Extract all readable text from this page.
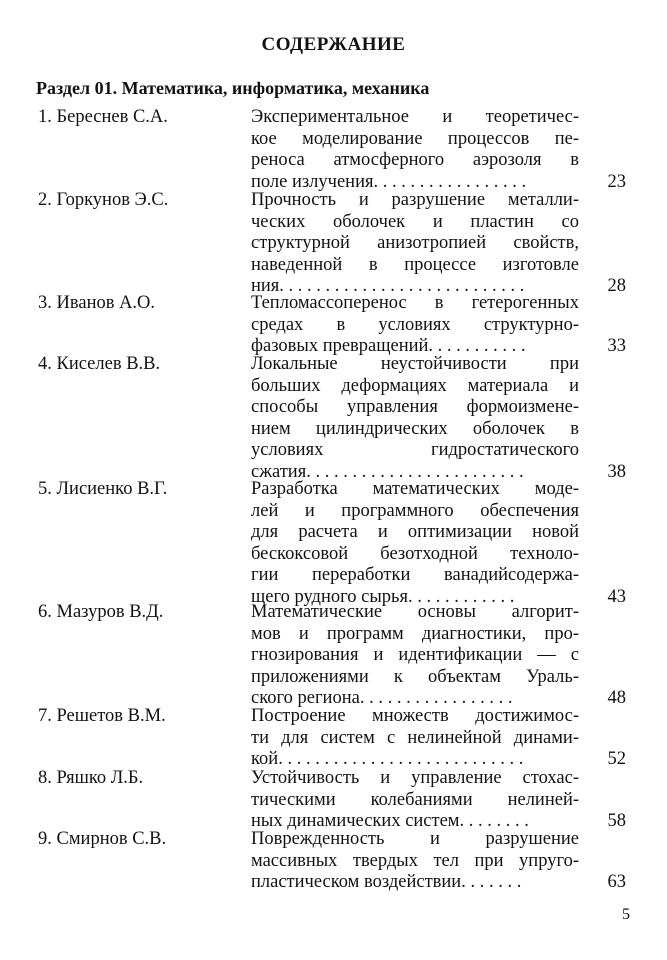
СОДЕРЖАНИЕ
Раздел 01. Математика, информатика, механика
1. Береснев С.А.	Экспериментальное и теоретичес-
кое моделирование процессов пе-
реноса атмосферного аэрозоля в
поле излучения. . . . . . . . . . . . . . . . .	23
2. Горкунов Э.С.	Прочность и разрушение металли-
ческих оболочек и пластин со
структурной анизотропией свойств,
наведенной в процессе изготовле
ния. . . . . . . . . . . . . . . . . . . . . . . . . . .	28
3. Иванов А.О.	Тепломассоперенос в гетерогенных
средах в условиях структурно-
фазовых превращений. . . . . . . . . . .	33
4. Киселев В.В.	Локальные неустойчивости при
больших деформациях материала и
способы управления формоизмене-
нием цилиндрических оболочек в
условиях гидростатического
сжатия. . . . . . . . . . . . . . . . . . . . . . . .	38
5. Лисиенко В.Г.	Разработка математических моде-
лей и программного обеспечения
для расчета и оптимизации новой
бескоксовой безотходной техноло-
гии переработки ванадийсодержа-
щего рудного сырья. . . . . . . . . . . .	43
6. Мазуров В.Д.	Математические основы алгорит-
мов и программ диагностики, про-
гнозирования и идентификации — с
приложениями к объектам Ураль-
ского региона. . . . . . . . . . . . . . . . .	48
7. Решетов В.М.	Построение множеств достижимос-
ти для систем с нелинейной динами-
кой. . . . . . . . . . . . . . . . . . . . . . . . . . .	52
8. Ряшко Л.Б.	Устойчивость и управление стохас-
тическими колебаниями нелиней-
ных динамических систем. . . . . . . .	58
9. Смирнов С.В.	Поврежденность и разрушение
массивных твердых тел при упруго-
пластическом воздействии. . . . . . .	63
5
